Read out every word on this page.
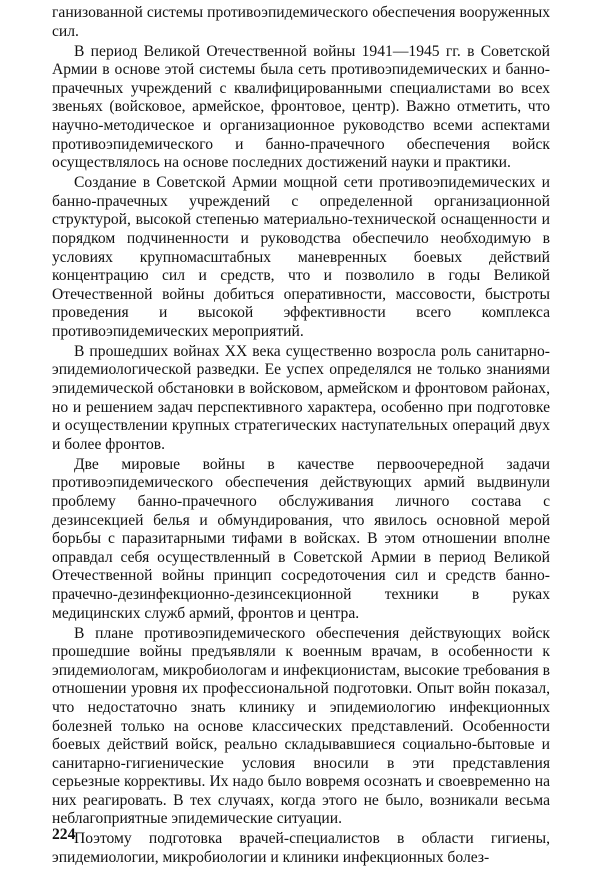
ганизованной системы противоэпидемического обеспечения вооруженных сил.

В период Великой Отечественной войны 1941—1945 гг. в Советской Армии в основе этой системы была сеть противоэпидемических и банно-прачечных учреждений с квалифицированными специалистами во всех звеньях (войсковое, армейское, фронтовое, центр). Важно отметить, что научно-методическое и организационное руководство всеми аспектами противоэпидемического и банно-прачечного обеспечения войск осуществлялось на основе последних достижений науки и практики.

Создание в Советской Армии мощной сети противоэпидемических и банно-прачечных учреждений с определенной организационной структурой, высокой степенью материально-технической оснащенности и порядком подчиненности и руководства обеспечило необходимую в условиях крупномасштабных маневренных боевых действий концентрацию сил и средств, что и позволило в годы Великой Отечественной войны добиться оперативности, массовости, быстроты проведения и высокой эффективности всего комплекса противоэпидемических мероприятий.

В прошедших войнах XX века существенно возросла роль санитарно-эпидемиологической разведки. Ее успех определялся не только знаниями эпидемической обстановки в войсковом, армейском и фронтовом районах, но и решением задач перспективного характера, особенно при подготовке и осуществлении крупных стратегических наступательных операций двух и более фронтов.

Две мировые войны в качестве первоочередной задачи противоэпидемического обеспечения действующих армий выдвинули проблему банно-прачечного обслуживания личного состава с дезинсекцией белья и обмундирования, что явилось основной мерой борьбы с паразитарными тифами в войсках. В этом отношении вполне оправдал себя осуществленный в Советской Армии в период Великой Отечественной войны принцип сосредоточения сил и средств банно-прачечно-дезинфекционно-дезинсекционной техники в руках медицинских служб армий, фронтов и центра.

В плане противоэпидемического обеспечения действующих войск прошедшие войны предъявляли к военным врачам, в особенности к эпидемиологам, микробиологам и инфекционистам, высокие требования в отношении уровня их профессиональной подготовки. Опыт войн показал, что недостаточно знать клинику и эпидемиологию инфекционных болезней только на основе классических представлений. Особенности боевых действий войск, реально складывавшиеся социально-бытовые и санитарно-гигиенические условия вносили в эти представления серьезные коррективы. Их надо было вовремя осознать и своевременно на них реагировать. В тех случаях, когда этого не было, возникали весьма неблагоприятные эпидемические ситуации.

Поэтому подготовка врачей-специалистов в области гигиены, эпидемиологии, микробиологии и клиники инфекционных болез-

224
